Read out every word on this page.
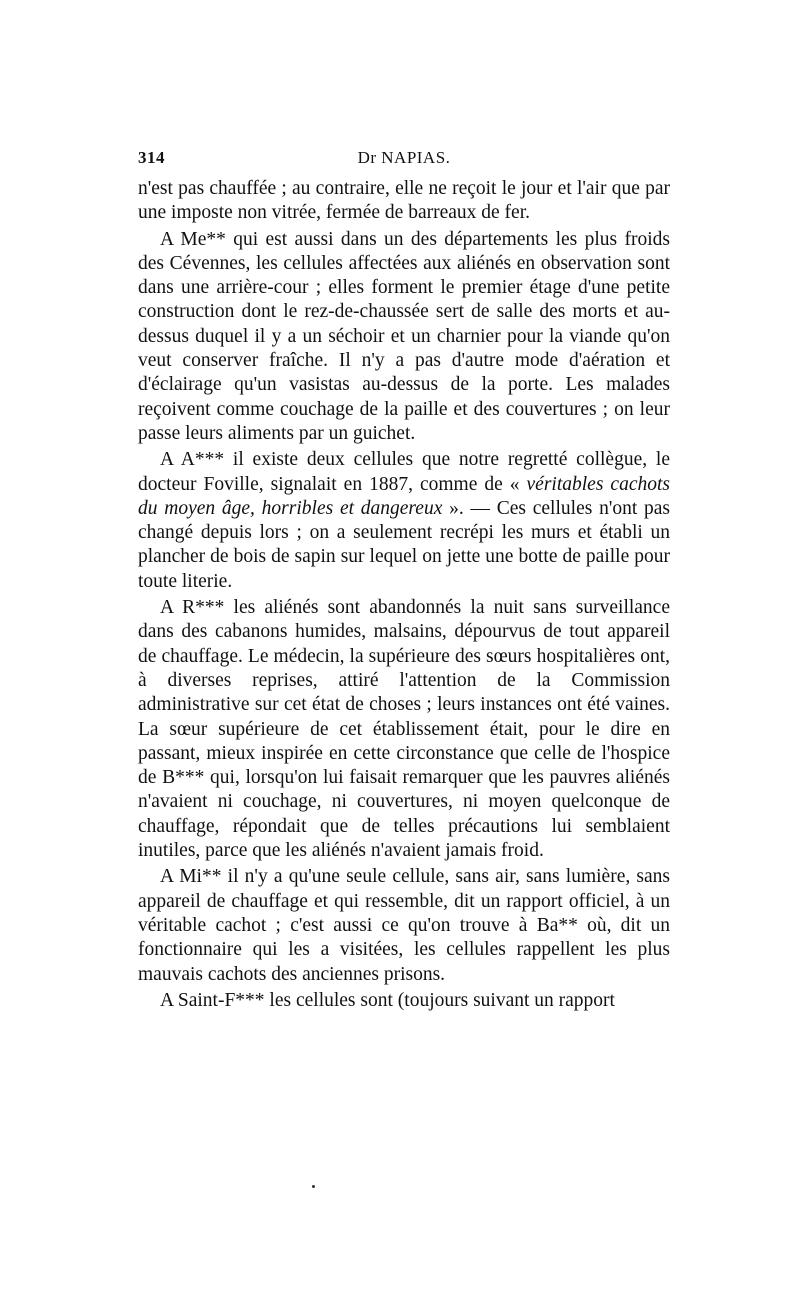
314	Dr NAPIAS.

n'est pas chauffée ; au contraire, elle ne reçoit le jour et l'air que par une imposte non vitrée, fermée de barreaux de fer.

A Me** qui est aussi dans un des départements les plus froids des Cévennes, les cellules affectées aux aliénés en observation sont dans une arrière-cour ; elles forment le premier étage d'une petite construction dont le rez-de-chaussée sert de salle des morts et au-dessus duquel il y a un séchoir et un charnier pour la viande qu'on veut conserver fraîche. Il n'y a pas d'autre mode d'aération et d'éclairage qu'un vasistas au-dessus de la porte. Les malades reçoivent comme couchage de la paille et des couvertures ; on leur passe leurs aliments par un guichet.

A A*** il existe deux cellules que notre regretté collègue, le docteur Foville, signalait en 1887, comme de « véritables cachots du moyen âge, horribles et dangereux ». — Ces cellules n'ont pas changé depuis lors ; on a seulement recrépi les murs et établi un plancher de bois de sapin sur lequel on jette une botte de paille pour toute literie.

A R*** les aliénés sont abandonnés la nuit sans surveillance dans des cabanons humides, malsains, dépourvus de tout appareil de chauffage. Le médecin, la supérieure des sœurs hospitalières ont, à diverses reprises, attiré l'attention de la Commission administrative sur cet état de choses ; leurs instances ont été vaines. La sœur supérieure de cet établissement était, pour le dire en passant, mieux inspirée en cette circonstance que celle de l'hospice de B*** qui, lorsqu'on lui faisait remarquer que les pauvres aliénés n'avaient ni couchage, ni couvertures, ni moyen quelconque de chauffage, répondait que de telles précautions lui semblaient inutiles, parce que les aliénés n'avaient jamais froid.

A Mi** il n'y a qu'une seule cellule, sans air, sans lumière, sans appareil de chauffage et qui ressemble, dit un rapport officiel, à un véritable cachot ; c'est aussi ce qu'on trouve à Ba** où, dit un fonctionnaire qui les a visitées, les cellules rappellent les plus mauvais cachots des anciennes prisons.

A Saint-F*** les cellules sont (toujours suivant un rapport
